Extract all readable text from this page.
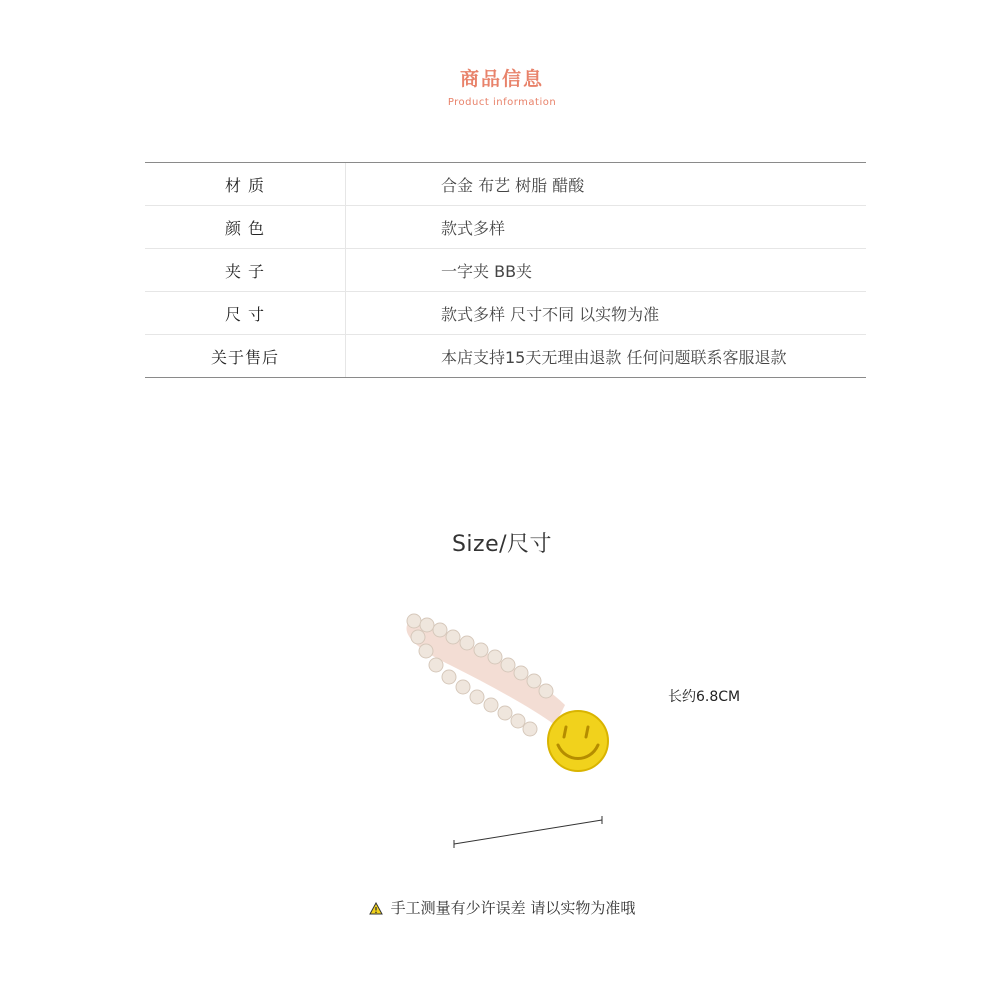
商品信息
Product information
材 质	合金 布艺 树脂 醋酸
颜 色	款式多样
夹 子	一字夹 BB夹
尺 寸	款式多样 尺寸不同 以实物为准
关于售后	本店支持15天无理由退款 任何问题联系客服退款
Size/尺寸
长约6.8CM
手工测量有少许误差 请以实物为准哦
